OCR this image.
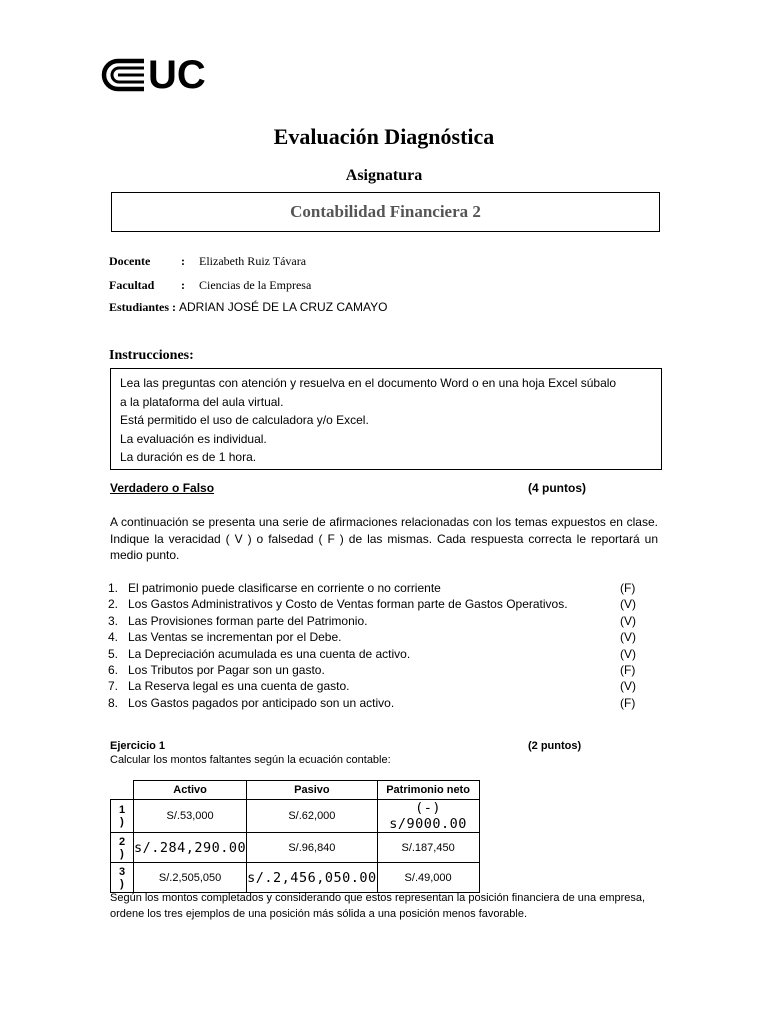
UC
Evaluación Diagnóstica
Asignatura
Contabilidad Financiera 2
Docente	: Elizabeth Ruiz Távara
Facultad : Ciencias de la Empresa
Estudiantes : ADRIAN JOSÉ DE LA CRUZ CAMAYO
Instrucciones:
Lea las preguntas con atención y resuelva en el documento Word o en una hoja Excel súbalo
a la plataforma del aula virtual.
Está permitido el uso de calculadora y/o Excel.
La evaluación es individual.
La duración es de 1 hora.
Verdadero o Falso	(4 puntos)
A continuación se presenta una serie de afirmaciones relacionadas con los temas expuestos en clase. Indique la veracidad ( V ) o falsedad ( F ) de las mismas. Cada respuesta correcta le reportará un medio punto.
1. El patrimonio puede clasificarse en corriente o no corriente	(F)
2. Los Gastos Administrativos y Costo de Ventas forman parte de Gastos Operativos.	(V)
3. Las Provisiones forman parte del Patrimonio.	(V)
4. Las Ventas se incrementan por el Debe.	(V)
5. La Depreciación acumulada es una cuenta de activo.	(V)
6. Los Tributos por Pagar son un gasto.	(F)
7. La Reserva legal es una cuenta de gasto.	(V)
8. Los Gastos pagados por anticipado son un activo.	(F)
Ejercicio 1	(2 puntos)
Calcular los montos faltantes según la ecuación contable:
	Activo	Pasivo	Patrimonio neto
1
)	S/.53,000	S/.62,000	(-) s/9000.00
2
)	s/.284,290.00	S/.96,840	S/.187,450
3
)	S/.2,505,050	s/.2,456,050.00	S/.49,000
Según los montos completados y considerando que estos representan la posición financiera de una empresa, ordene los tres ejemplos de una posición más sólida a una posición menos favorable.
